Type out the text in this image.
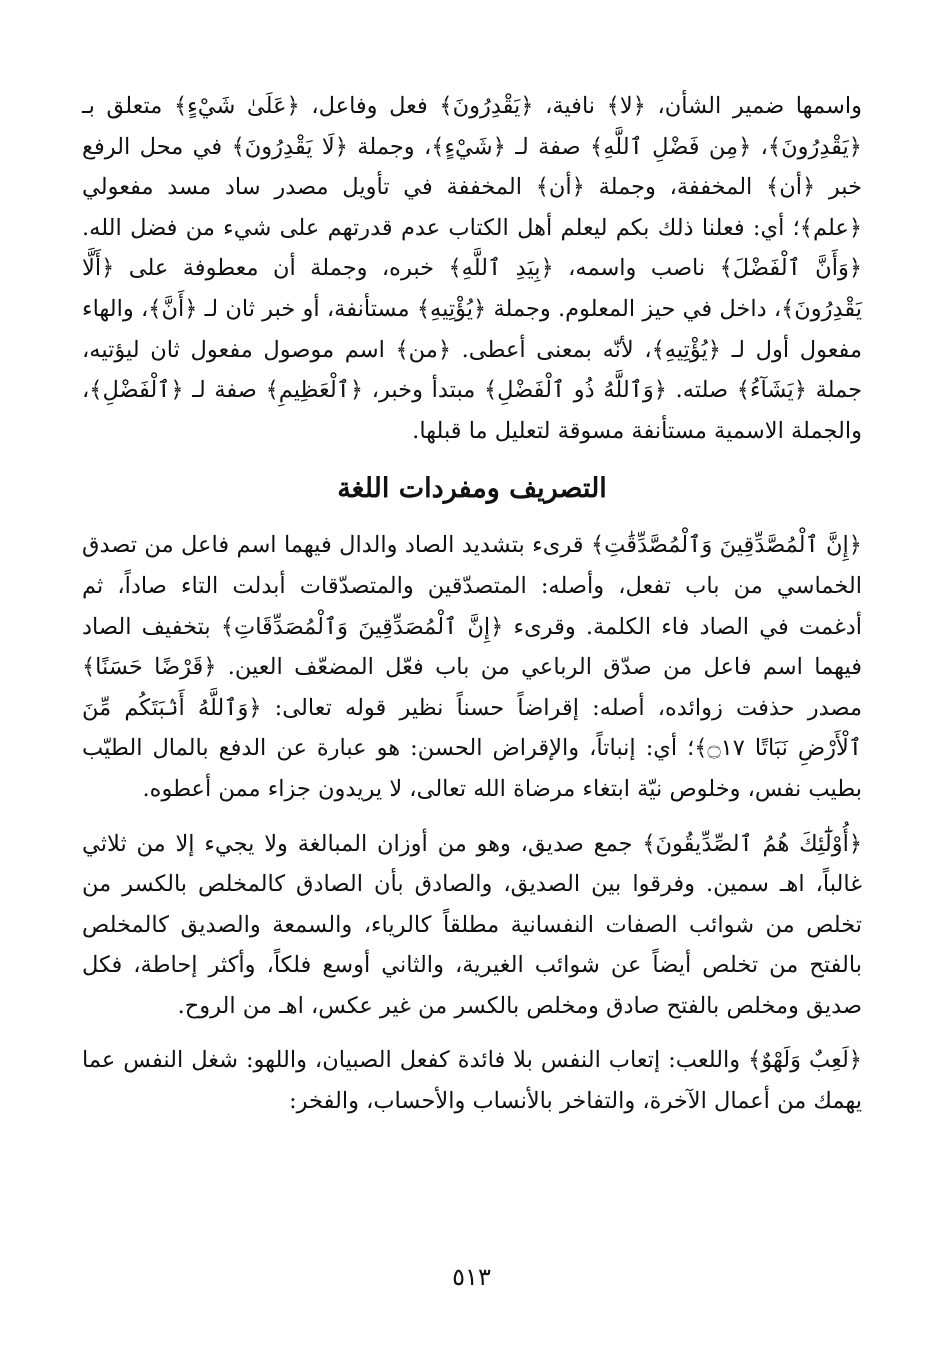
واسمها ضمير الشأن، ﴿لا﴾ نافية، ﴿يَقْدِرُونَ﴾ فعل وفاعل، ﴿عَلَىٰ شَيْءٍ﴾ متعلق بـ ﴿يَقْدِرُونَ﴾، ﴿مِن فَضْلِ ٱللَّهِ﴾ صفة لـ ﴿شَيْءٍ﴾، وجملة ﴿لَا يَقْدِرُونَ﴾ في محل الرفع خبر ﴿أن﴾ المخففة، وجملة ﴿أن﴾ المخففة في تأويل مصدر ساد مسد مفعولي ﴿علم﴾؛ أي: فعلنا ذلك بكم ليعلم أهل الكتاب عدم قدرتهم على شيء من فضل الله. ﴿وَأَنَّ ٱلْفَضْلَ﴾ ناصب واسمه، ﴿بِيَدِ ٱللَّهِ﴾ خبره، وجملة أن معطوفة على ﴿أَلَّا يَقْدِرُونَ﴾، داخل في حيز المعلوم. وجملة ﴿يُؤْتِيهِ﴾ مستأنفة، أو خبر ثان لـ ﴿أَنَّ﴾، والهاء مفعول أول لـ ﴿يُؤْتِيهِ﴾، لأنّه بمعنى أعطى. ﴿من﴾ اسم موصول مفعول ثان ليؤتيه، جملة ﴿يَشَآءُ﴾ صلته. ﴿وَٱللَّهُ ذُو ٱلْفَضْلِ﴾ مبتدأ وخبر، ﴿ٱلْعَظِيمِ﴾ صفة لـ ﴿ٱلْفَضْلِ﴾، والجملة الاسمية مستأنفة مسوقة لتعليل ما قبلها.

التصريف ومفردات اللغة

﴿إِنَّ ٱلْمُصَّدِّقِينَ وَٱلْمُصَّدِّقَٰتِ﴾ قرىء بتشديد الصاد والدال فيهما اسم فاعل من تصدق الخماسي من باب تفعل، وأصله: المتصدّقين والمتصدّقات أبدلت التاء صاداً، ثم أدغمت في الصاد فاء الكلمة. وقرىء ﴿إِنَّ ٱلْمُصَدِّقِينَ وَٱلْمُصَدِّقَاتِ﴾ بتخفيف الصاد فيهما اسم فاعل من صدّق الرباعي من باب فعّل المضعّف العين. ﴿قَرْضًا حَسَنًا﴾ مصدر حذفت زوائده، أصله: إقراضاً حسناً نظير قوله تعالى: ﴿وَٱللَّهُ أَنۢبَتَكُم مِّنَ ٱلْأَرْضِ نَبَاتًا ۝١٧﴾؛ أي: إنباتاً، والإقراض الحسن: هو عبارة عن الدفع بالمال الطيّب بطيب نفس، وخلوص نيّة ابتغاء مرضاة الله تعالى، لا يريدون جزاء ممن أعطوه.

﴿أُوْلَٰٓئِكَ هُمُ ٱلصِّدِّيقُونَ﴾ جمع صديق، وهو من أوزان المبالغة ولا يجيء إلا من ثلاثي غالباً، اهـ سمين. وفرقوا بين الصديق، والصادق بأن الصادق كالمخلص بالكسر من تخلص من شوائب الصفات النفسانية مطلقاً كالرياء، والسمعة والصديق كالمخلص بالفتح من تخلص أيضاً عن شوائب الغيرية، والثاني أوسع فلكاً، وأكثر إحاطة، فكل صديق ومخلص بالفتح صادق ومخلص بالكسر من غير عكس، اهـ من الروح.

﴿لَعِبٌ وَلَهْوٌ﴾ واللعب: إتعاب النفس بلا فائدة كفعل الصبيان، واللهو: شغل النفس عما يهمك من أعمال الآخرة، والتفاخر بالأنساب والأحساب، والفخر:

٥١٣
